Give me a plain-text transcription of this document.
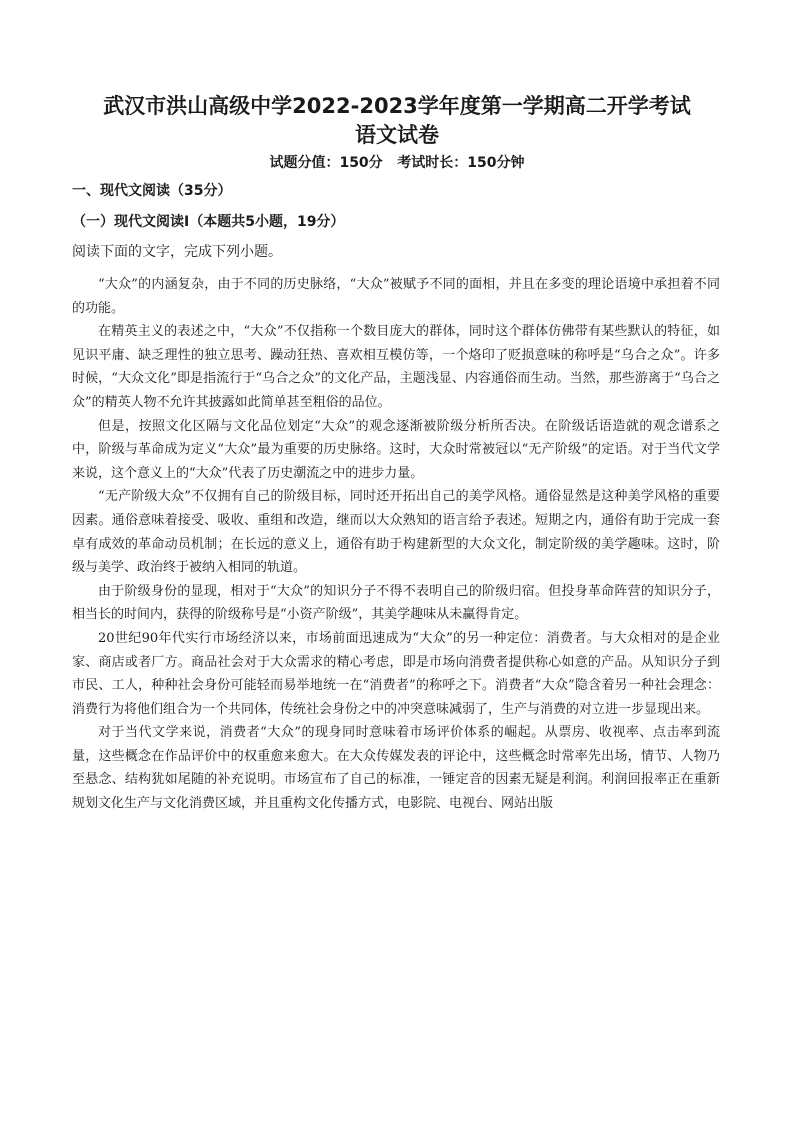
武汉市洪山高级中学2022-2023学年度第一学期高二开学考试
语文试卷
试题分值：150分   考试时长：150分钟
一、现代文阅读（35分）
（一）现代文阅读Ⅰ（本题共5小题，19分）
阅读下面的文字，完成下列小题。

“大众”的内涵复杂，由于不同的历史脉络，“大众”被赋予不同的面相，并且在多变的理论语境中承担着不同的功能。

在精英主义的表述之中，“大众”不仅指称一个数目庞大的群体，同时这个群体仿佛带有某些默认的特征，如见识平庸、缺乏理性的独立思考、躁动狂热、喜欢相互模仿等，一个烙印了贬损意味的称呼是“乌合之众”。许多时候，“大众文化”即是指流行于“乌合之众”的文化产品，主题浅显、内容通俗而生动。当然，那些游离于“乌合之众”的精英人物不允许其披露如此简单甚至粗俗的品位。

但是，按照文化区隔与文化品位划定“大众”的观念逐渐被阶级分析所否决。在阶级话语造就的观念谱系之中，阶级与革命成为定义“大众”最为重要的历史脉络。这时，大众时常被冠以“无产阶级”的定语。对于当代文学来说，这个意义上的“大众”代表了历史潮流之中的进步力量。

“无产阶级大众”不仅拥有自己的阶级目标，同时还开拓出自己的美学风格。通俗显然是这种美学风格的重要因素。通俗意味着接受、吸收、重组和改造，继而以大众熟知的语言给予表述。短期之内，通俗有助于完成一套卓有成效的革命动员机制；在长远的意义上，通俗有助于构建新型的大众文化，制定阶级的美学趣味。这时，阶级与美学、政治终于被纳入相同的轨道。

由于阶级身份的显现，相对于“大众”的知识分子不得不表明自己的阶级归宿。但投身革命阵营的知识分子，相当长的时间内，获得的阶级称号是“小资产阶级”，其美学趣味从未赢得肯定。

20世纪90年代实行市场经济以来，市场前面迅速成为“大众”的另一种定位：消费者。与大众相对的是企业家、商店或者厂方。商品社会对于大众需求的精心考虑，即是市场向消费者提供称心如意的产品。从知识分子到市民、工人，种种社会身份可能轻而易举地统一在“消费者”的称呼之下。消费者“大众”隐含着另一种社会理念：消费行为将他们组合为一个共同体，传统社会身份之中的冲突意味减弱了，生产与消费的对立进一步显现出来。

对于当代文学来说，消费者“大众”的现身同时意味着市场评价体系的崛起。从票房、收视率、点击率到流量，这些概念在作品评价中的权重愈来愈大。在大众传媒发表的评论中，这些概念时常率先出场，情节、人物乃至悬念、结构犹如尾随的补充说明。市场宣布了自己的标准，一锤定音的因素无疑是利润。利润回报率正在重新规划文化生产与文化消费区域，并且重构文化传播方式，电影院、电视台、网站出版
